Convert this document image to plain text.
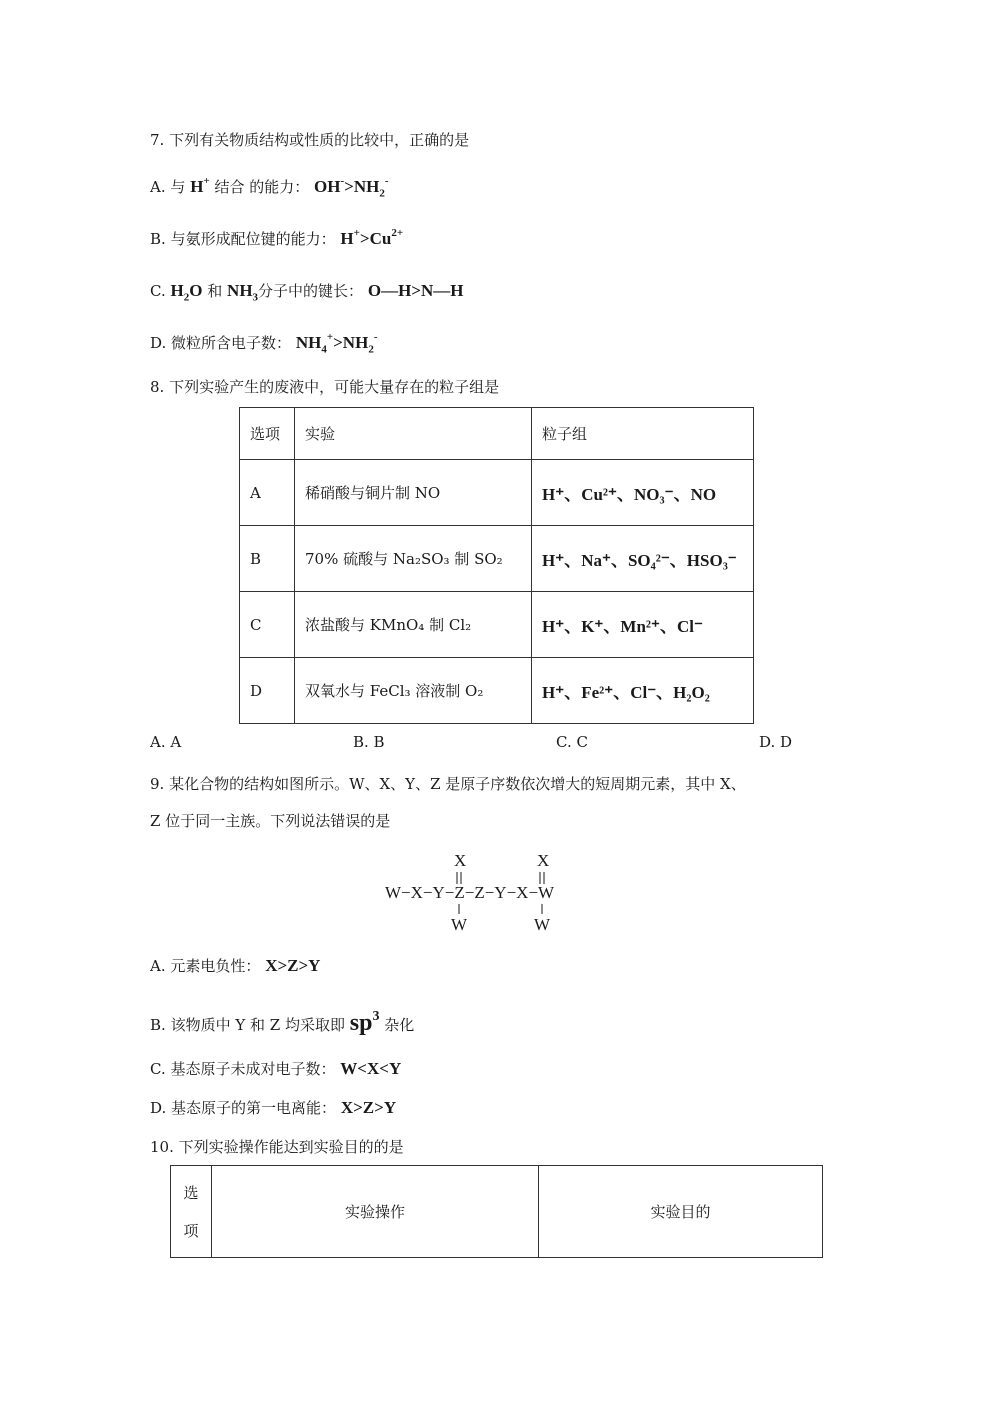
7. 下列有关物质结构或性质的比较中，正确的是
A. 与 H+ 结合 的能力： $OH^->NH_2^-$
B. 与氨形成配位键的能力： $H^+>Cu^{2+}$
C. $H_2O$ 和 $NH_3$分子中的键长： O—H>N—H
D. 微粒所含电子数： $NH_4^+>NH_2^-$
8. 下列实验产生的废液中，可能大量存在的粒子组是
选项	实验	粒子组
A	稀硝酸与铜片制 NO	H⁺、Cu²⁺、NO₃⁻、NO
B	70% 硫酸与 Na₂SO₃ 制 SO₂	H⁺、Na⁺、SO₄²⁻、HSO₃⁻
C	浓盐酸与 KMnO₄ 制 Cl₂	H⁺、K⁺、Mn²⁺、Cl⁻
D	双氧水与 FeCl₃ 溶液制 O₂	H⁺、Fe²⁺、Cl⁻、H₂O₂
A. A	B. B	C. C	D. D
9. 某化合物的结构如图所示。W、X、Y、Z 是原子序数依次增大的短周期元素，其中 X、
Z 位于同一主族。下列说法错误的是
X	X
W−X−Y−Z−Z−Y−X−W
W	W
A. 元素电负性： X>Z>Y
B. 该物质中 Y 和 Z 均采取即 $sp^3$ 杂化
C. 基态原子未成对电子数： W<X<Y
D. 基态原子的第一电离能： X>Z>Y
10. 下列实验操作能达到实验目的的是
选
项	实验操作	实验目的
